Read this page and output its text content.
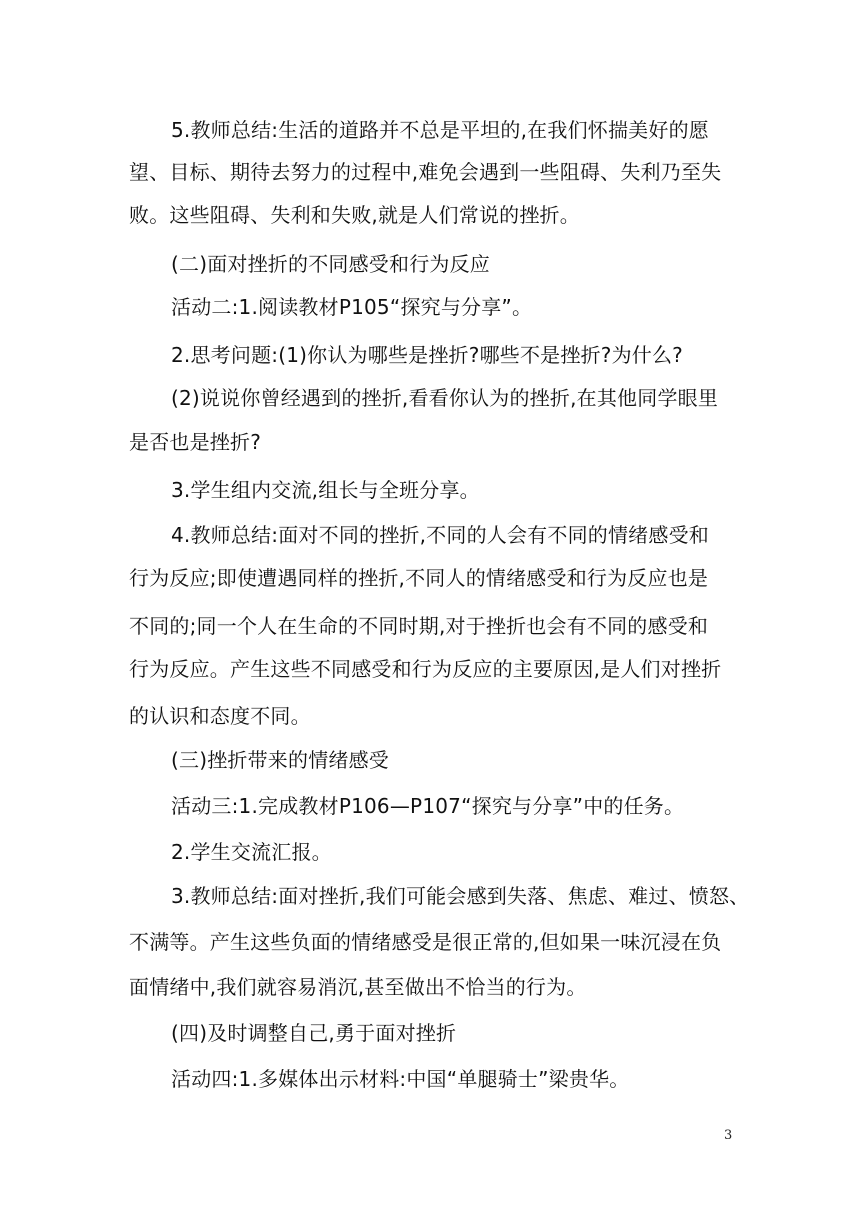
5.教师总结:生活的道路并不总是平坦的,在我们怀揣美好的愿
望、目标、期待去努力的过程中,难免会遇到一些阻碍、失利乃至失
败。这些阻碍、失利和失败,就是人们常说的挫折。
(二)面对挫折的不同感受和行为反应
活动二:1.阅读教材P105“探究与分享”。
2.思考问题:(1)你认为哪些是挫折?哪些不是挫折?为什么?
(2)说说你曾经遇到的挫折,看看你认为的挫折,在其他同学眼里
是否也是挫折?
3.学生组内交流,组长与全班分享。
4.教师总结:面对不同的挫折,不同的人会有不同的情绪感受和
行为反应;即使遭遇同样的挫折,不同人的情绪感受和行为反应也是
不同的;同一个人在生命的不同时期,对于挫折也会有不同的感受和
行为反应。产生这些不同感受和行为反应的主要原因,是人们对挫折
的认识和态度不同。
(三)挫折带来的情绪感受
活动三:1.完成教材P106—P107“探究与分享”中的任务。
2.学生交流汇报。
3.教师总结:面对挫折,我们可能会感到失落、焦虑、难过、愤怒、
不满等。产生这些负面的情绪感受是很正常的,但如果一味沉浸在负
面情绪中,我们就容易消沉,甚至做出不恰当的行为。
(四)及时调整自己,勇于面对挫折
活动四:1.多媒体出示材料:中国“单腿骑士”梁贵华。
3
